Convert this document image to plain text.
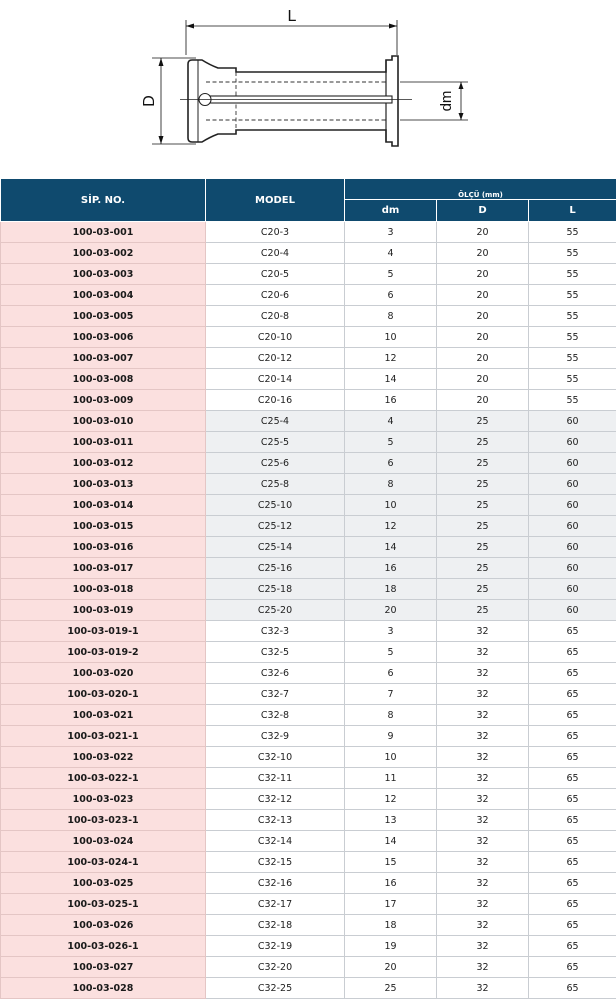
L
D	dm
SİP. NO.	MODEL	ÖLÇÜ (mm)		
		dm	D	L
100-03-001	C20-3	3	20	55
100-03-002	C20-4	4	20	55
100-03-003	C20-5	5	20	55
100-03-004	C20-6	6	20	55
100-03-005	C20-8	8	20	55
100-03-006	C20-10	10	20	55
100-03-007	C20-12	12	20	55
100-03-008	C20-14	14	20	55
100-03-009	C20-16	16	20	55
100-03-010	C25-4	4	25	60
100-03-011	C25-5	5	25	60
100-03-012	C25-6	6	25	60
100-03-013	C25-8	8	25	60
100-03-014	C25-10	10	25	60
100-03-015	C25-12	12	25	60
100-03-016	C25-14	14	25	60
100-03-017	C25-16	16	25	60
100-03-018	C25-18	18	25	60
100-03-019	C25-20	20	25	60
100-03-019-1	C32-3	3	32	65
100-03-019-2	C32-5	5	32	65
100-03-020	C32-6	6	32	65
100-03-020-1	C32-7	7	32	65
100-03-021	C32-8	8	32	65
100-03-021-1	C32-9	9	32	65
100-03-022	C32-10	10	32	65
100-03-022-1	C32-11	11	32	65
100-03-023	C32-12	12	32	65
100-03-023-1	C32-13	13	32	65
100-03-024	C32-14	14	32	65
100-03-024-1	C32-15	15	32	65
100-03-025	C32-16	16	32	65
100-03-025-1	C32-17	17	32	65
100-03-026	C32-18	18	32	65
100-03-026-1	C32-19	19	32	65
100-03-027	C32-20	20	32	65
100-03-028	C32-25	25	32	65
